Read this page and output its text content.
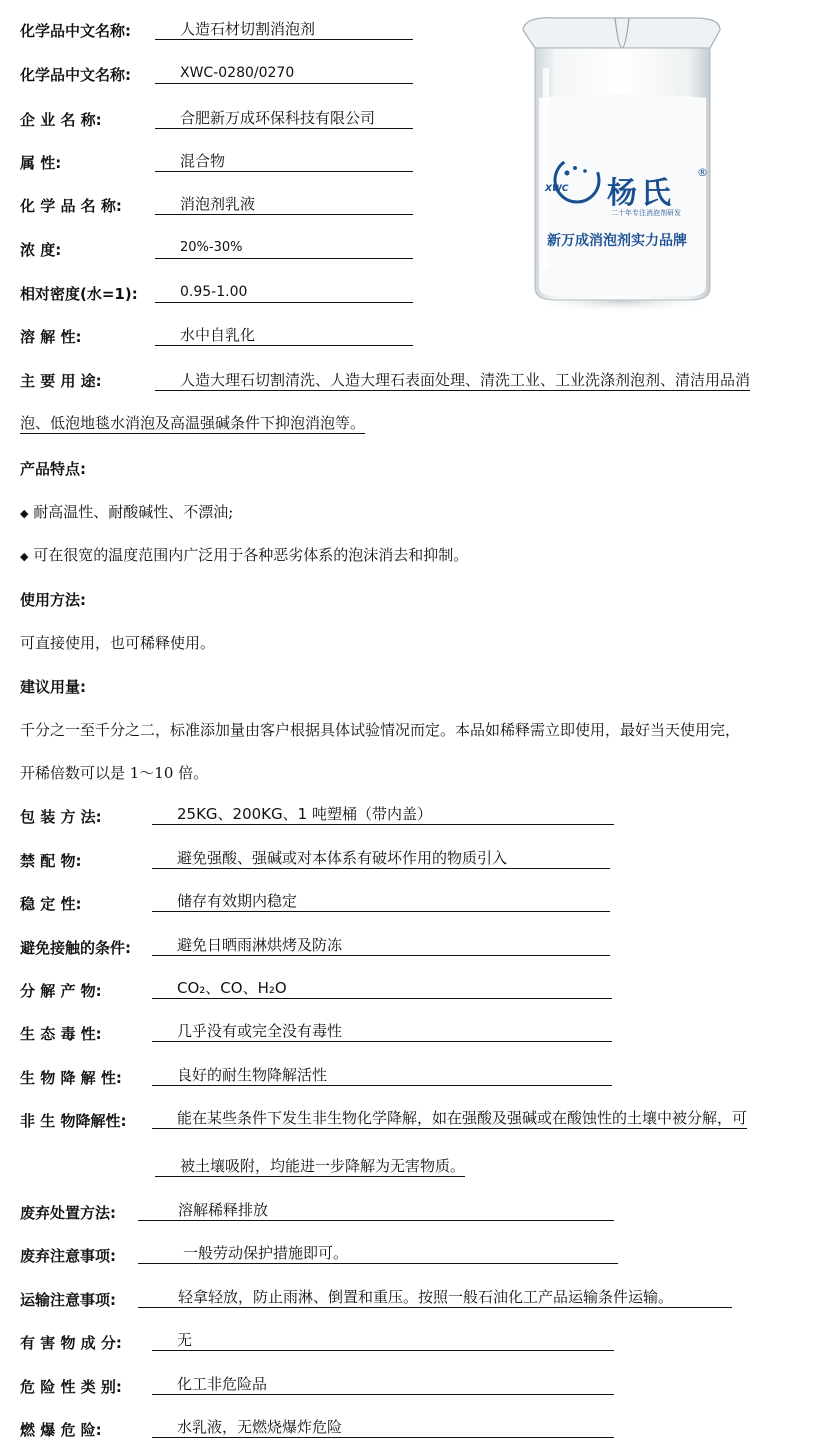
化学品中文名称:	人造石材切割消泡剂
化学品中文名称:	XWC-0280/0270
企 业 名 称:	合肥新万成环保科技有限公司
属 性:	混合物
化 学 品 名 称:	消泡剂乳液
浓 度:	20%-30%
相对密度(水=1):	0.95-1.00
溶 解 性:	水中自乳化
XWC 杨氏
®
二十年专注消泡剂研发
新万成消泡剂实力品牌
主 要 用 途:	人造大理石切割清洗、人造大理石表面处理、清洗工业、工业洗涤剂泡剂、清洁用品消
泡、低泡地毯水消泡及高温强碱条件下抑泡消泡等。
产品特点:
◆ 耐高温性、耐酸碱性、不漂油;
◆ 可在很宽的温度范围内广泛用于各种恶劣体系的泡沫消去和抑制。
使用方法:
可直接使用，也可稀释使用。
建议用量:
千分之一至千分之二，标准添加量由客户根据具体试验情况而定。本品如稀释需立即使用，最好当天使用完，
开稀倍数可以是 1～10 倍。
包 装 方 法:	25KG、200KG、1 吨塑桶（带内盖）
禁 配 物:	避免强酸、强碱或对本体系有破坏作用的物质引入
稳 定 性:	储存有效期内稳定
避免接触的条件:	避免日晒雨淋烘烤及防冻
分 解 产 物:	CO₂、CO、H₂O
生 态 毒 性:	几乎没有或完全没有毒性
生 物 降 解 性:	良好的耐生物降解活性
非 生 物降解性:	能在某些条件下发生非生物化学降解，如在强酸及强碱或在酸蚀性的土壤中被分解，可
被土壤吸附，均能进一步降解为无害物质。
废弃处置方法:	溶解稀释排放
废弃注意事项:	一般劳动保护措施即可。
运输注意事项:	轻拿轻放，防止雨淋、倒置和重压。按照一般石油化工产品运输条件运输。
有 害 物 成 分:	无
危 险 性 类 别:	化工非危险品
燃 爆 危 险:	水乳液，无燃烧爆炸危险
